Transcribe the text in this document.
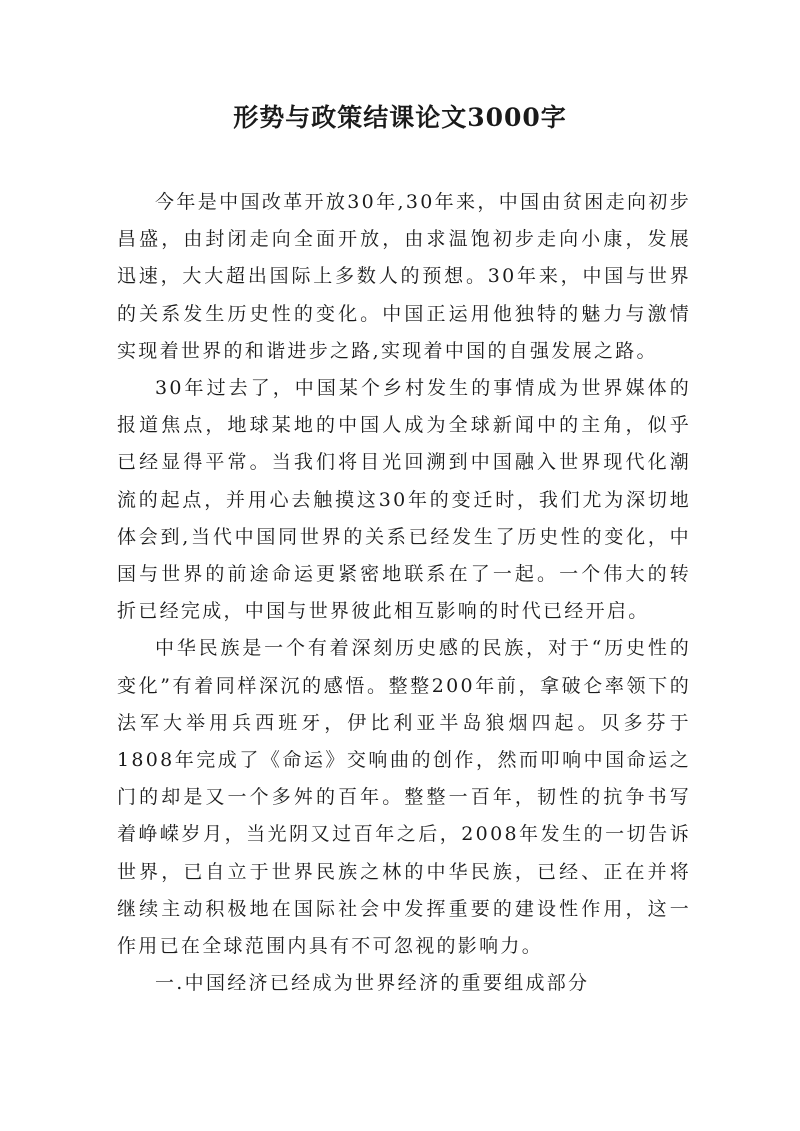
形势与政策结课论文3000字

今年是中国改革开放30年,30年来，中国由贫困走向初步昌盛，由封闭走向全面开放，由求温饱初步走向小康，发展迅速，大大超出国际上多数人的预想。30年来，中国与世界的关系发生历史性的变化。中国正运用他独特的魅力与激情实现着世界的和谐进步之路,实现着中国的自强发展之路。

30年过去了，中国某个乡村发生的事情成为世界媒体的报道焦点，地球某地的中国人成为全球新闻中的主角，似乎已经显得平常。当我们将目光回溯到中国融入世界现代化潮流的起点，并用心去触摸这30年的变迁时，我们尤为深切地体会到,当代中国同世界的关系已经发生了历史性的变化，中国与世界的前途命运更紧密地联系在了一起。一个伟大的转折已经完成，中国与世界彼此相互影响的时代已经开启。

中华民族是一个有着深刻历史感的民族，对于“历史性的变化”有着同样深沉的感悟。整整200年前，拿破仑率领下的法军大举用兵西班牙，伊比利亚半岛狼烟四起。贝多芬于1808年完成了《命运》交响曲的创作，然而叩响中国命运之门的却是又一个多舛的百年。整整一百年，韧性的抗争书写着峥嵘岁月，当光阴又过百年之后，2008年发生的一切告诉世界，已自立于世界民族之林的中华民族，已经、正在并将继续主动积极地在国际社会中发挥重要的建设性作用，这一作用已在全球范围内具有不可忽视的影响力。

一.中国经济已经成为世界经济的重要组成部分
